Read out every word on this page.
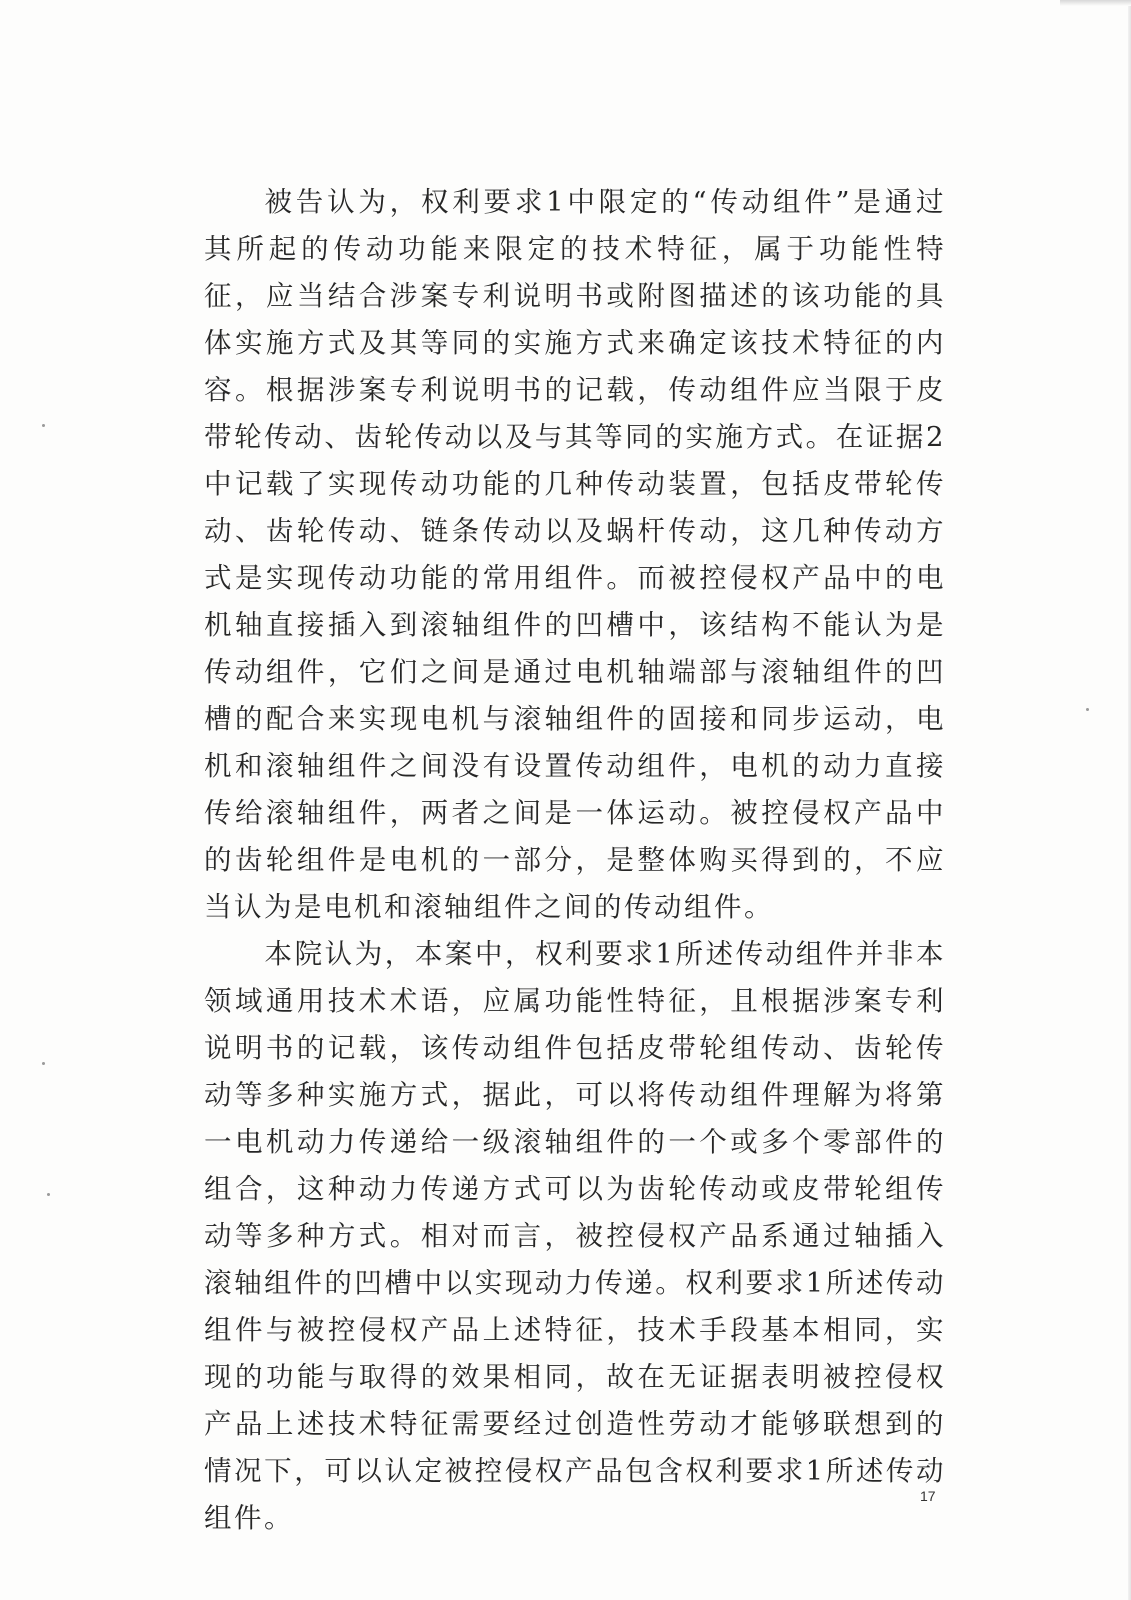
被告认为，权利要求1中限定的“传动组件”是通过其所起的传动功能来限定的技术特征，属于功能性特征，应当结合涉案专利说明书或附图描述的该功能的具体实施方式及其等同的实施方式来确定该技术特征的内容。根据涉案专利说明书的记载，传动组件应当限于皮带轮传动、齿轮传动以及与其等同的实施方式。在证据2中记载了实现传动功能的几种传动装置，包括皮带轮传动、齿轮传动、链条传动以及蜗杆传动，这几种传动方式是实现传动功能的常用组件。而被控侵权产品中的电机轴直接插入到滚轴组件的凹槽中，该结构不能认为是传动组件，它们之间是通过电机轴端部与滚轴组件的凹槽的配合来实现电机与滚轴组件的固接和同步运动，电机和滚轴组件之间没有设置传动组件，电机的动力直接传给滚轴组件，两者之间是一体运动。被控侵权产品中的齿轮组件是电机的一部分，是整体购买得到的，不应当认为是电机和滚轴组件之间的传动组件。

本院认为，本案中，权利要求1所述传动组件并非本领域通用技术术语，应属功能性特征，且根据涉案专利说明书的记载，该传动组件包括皮带轮组传动、齿轮传动等多种实施方式，据此，可以将传动组件理解为将第一电机动力传递给一级滚轴组件的一个或多个零部件的组合，这种动力传递方式可以为齿轮传动或皮带轮组传动等多种方式。相对而言，被控侵权产品系通过轴插入滚轴组件的凹槽中以实现动力传递。权利要求1所述传动组件与被控侵权产品上述特征，技术手段基本相同，实现的功能与取得的效果相同，故在无证据表明被控侵权产品上述技术特征需要经过创造性劳动才能够联想到的情况下，可以认定被控侵权产品包含权利要求1所述传动组件。

17
